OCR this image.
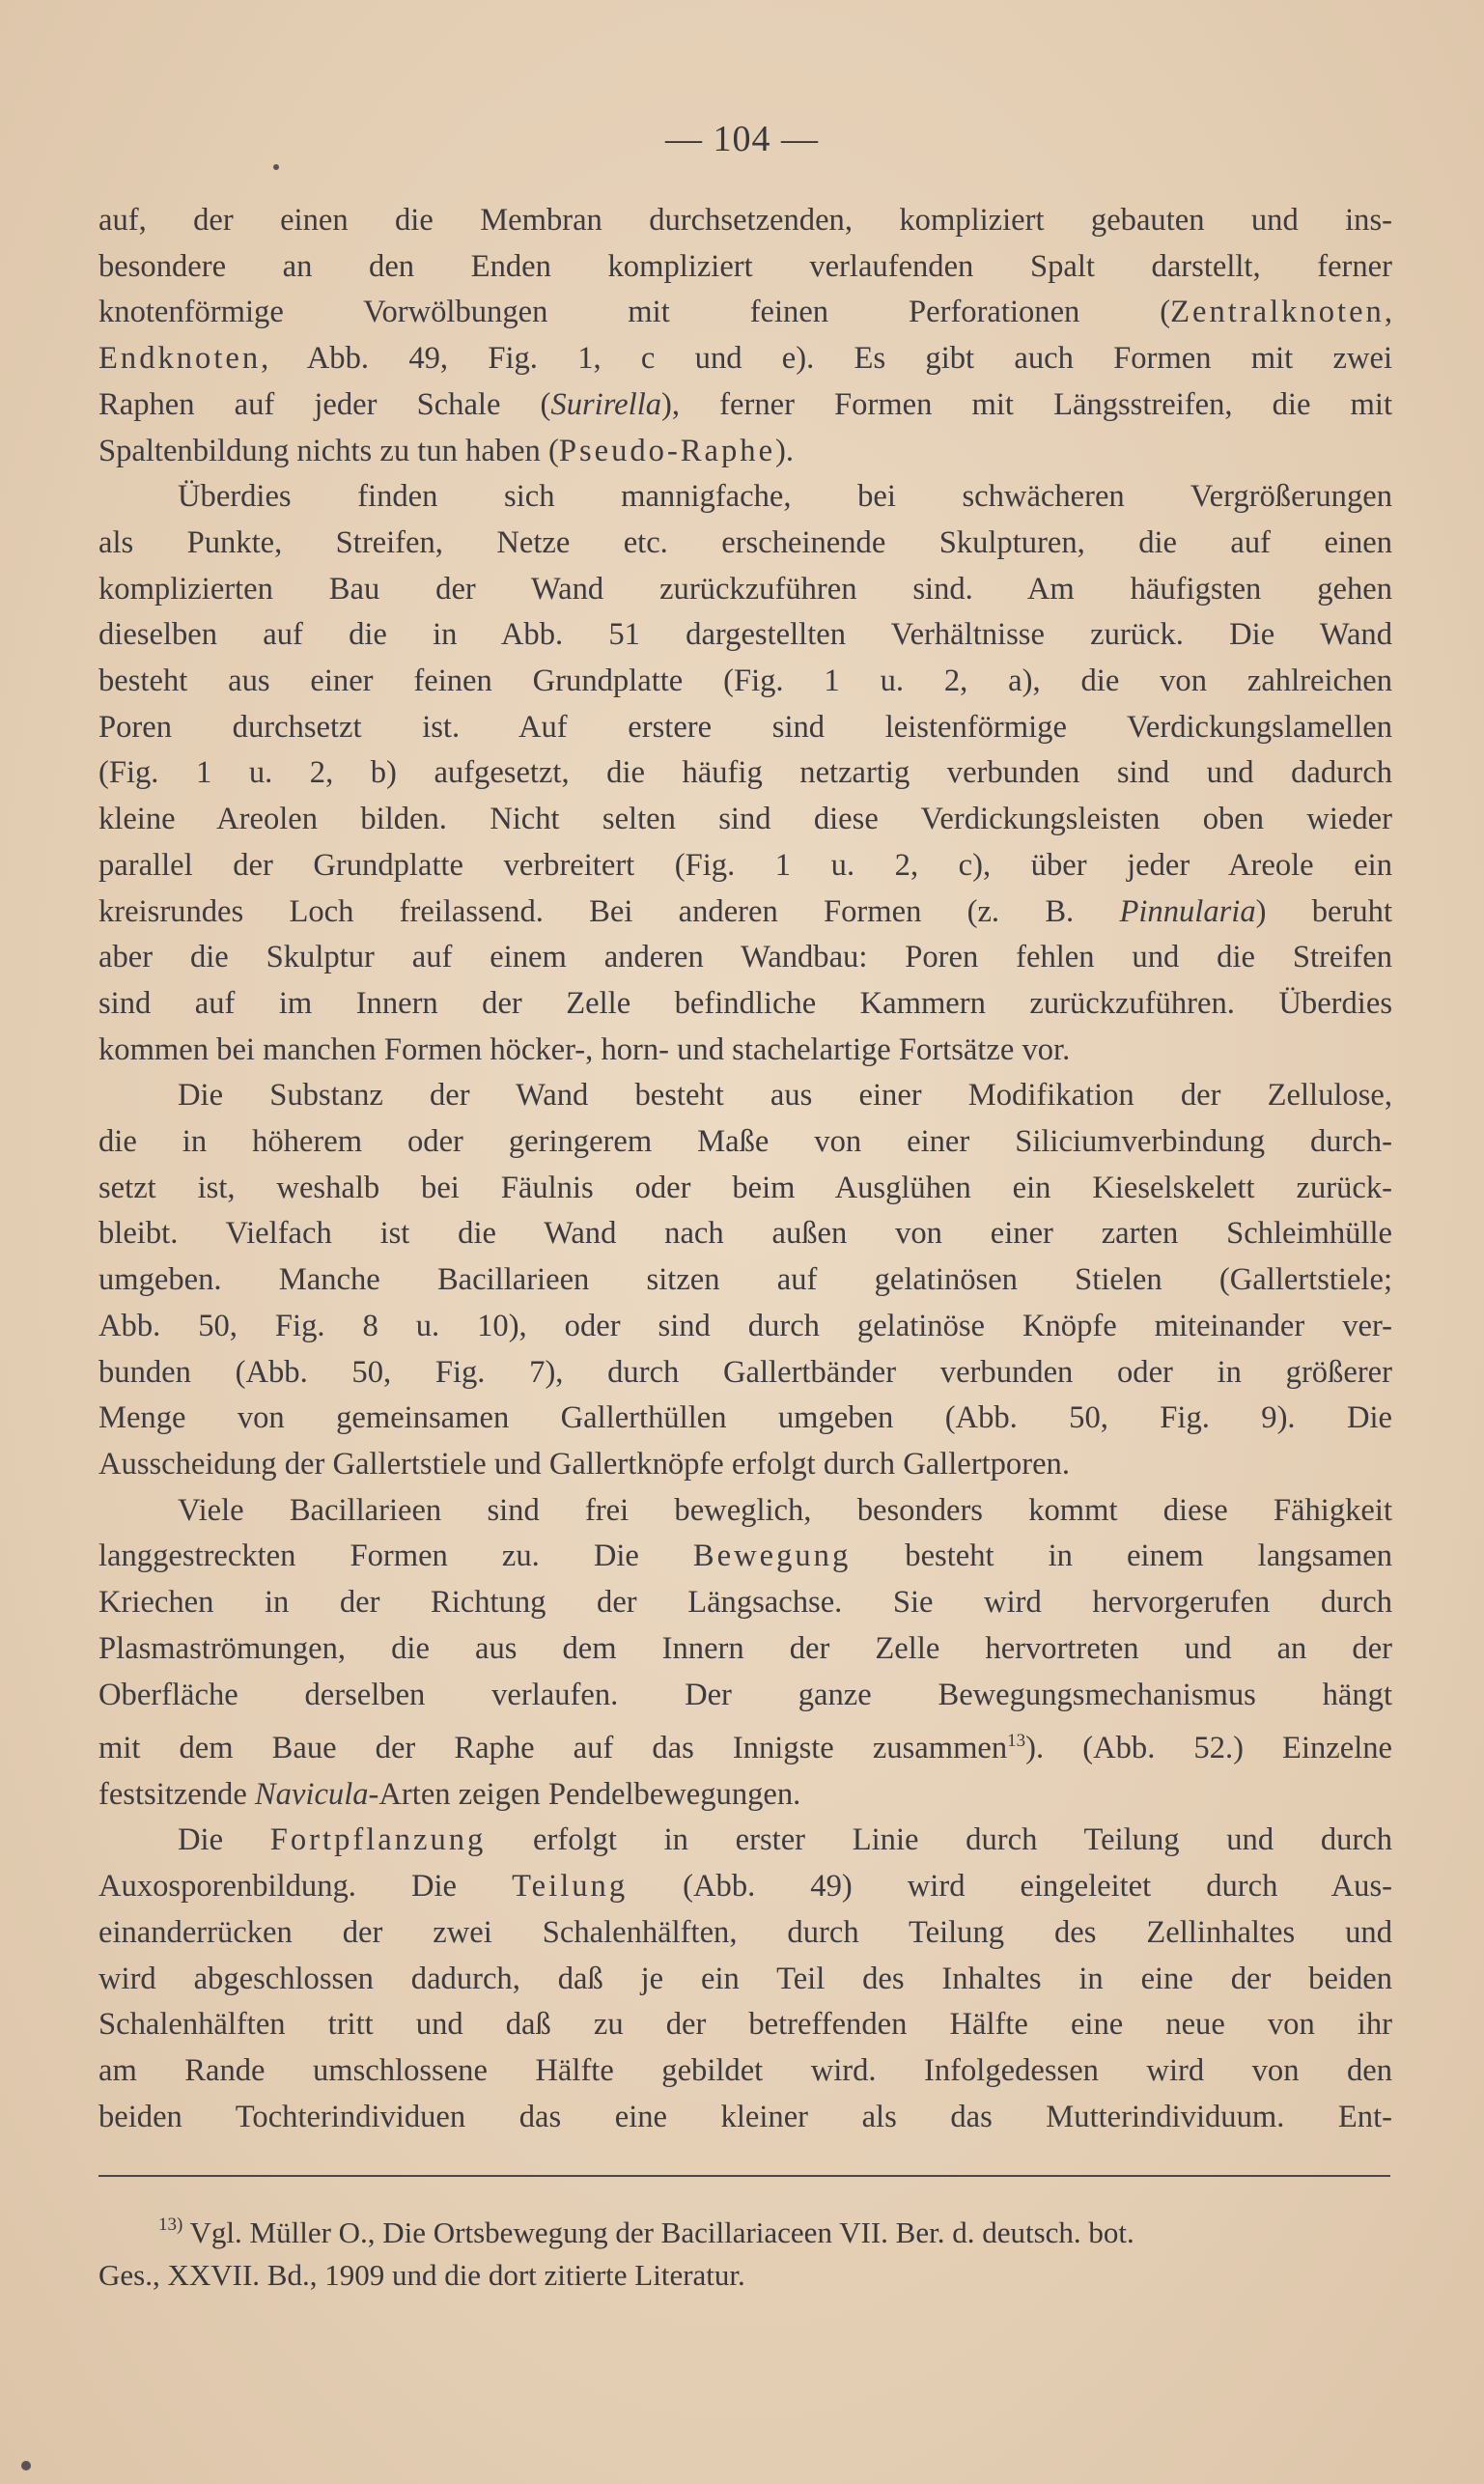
— 104 —
auf, der einen die Membran durchsetzenden, kompliziert gebauten und ins-
besondere an den Enden kompliziert verlaufenden Spalt darstellt, ferner
knotenförmige Vorwölbungen mit feinen Perforationen (Zentralknoten,
Endknoten, Abb. 49, Fig. 1, c und e). Es gibt auch Formen mit zwei
Raphen auf jeder Schale (Surirella), ferner Formen mit Längsstreifen, die mit
Spaltenbildung nichts zu tun haben (Pseudo-Raphe).
Überdies finden sich mannigfache, bei schwächeren Vergrößerungen
als Punkte, Streifen, Netze etc. erscheinende Skulpturen, die auf einen
komplizierten Bau der Wand zurückzuführen sind. Am häufigsten gehen
dieselben auf die in Abb. 51 dargestellten Verhältnisse zurück. Die Wand
besteht aus einer feinen Grundplatte (Fig. 1 u. 2, a), die von zahlreichen
Poren durchsetzt ist. Auf erstere sind leistenförmige Verdickungslamellen
(Fig. 1 u. 2, b) aufgesetzt, die häufig netzartig verbunden sind und dadurch
kleine Areolen bilden. Nicht selten sind diese Verdickungsleisten oben wieder
parallel der Grundplatte verbreitert (Fig. 1 u. 2, c), über jeder Areole ein
kreisrundes Loch freilassend. Bei anderen Formen (z. B. Pinnularia) beruht
aber die Skulptur auf einem anderen Wandbau: Poren fehlen und die Streifen
sind auf im Innern der Zelle befindliche Kammern zurückzuführen. Überdies
kommen bei manchen Formen höcker-, horn- und stachelartige Fortsätze vor.
Die Substanz der Wand besteht aus einer Modifikation der Zellulose,
die in höherem oder geringerem Maße von einer Siliciumverbindung durch-
setzt ist, weshalb bei Fäulnis oder beim Ausglühen ein Kieselskelett zurück-
bleibt. Vielfach ist die Wand nach außen von einer zarten Schleimhülle
umgeben. Manche Bacillarieen sitzen auf gelatinösen Stielen (Gallertstiele;
Abb. 50, Fig. 8 u. 10), oder sind durch gelatinöse Knöpfe miteinander ver-
bunden (Abb. 50, Fig. 7), durch Gallertbänder verbunden oder in größerer
Menge von gemeinsamen Gallerthüllen umgeben (Abb. 50, Fig. 9). Die
Ausscheidung der Gallertstiele und Gallertknöpfe erfolgt durch Gallertporen.
Viele Bacillarieen sind frei beweglich, besonders kommt diese Fähigkeit
langgestreckten Formen zu. Die Bewegung besteht in einem langsamen
Kriechen in der Richtung der Längsachse. Sie wird hervorgerufen durch
Plasmaströmungen, die aus dem Innern der Zelle hervortreten und an der
Oberfläche derselben verlaufen. Der ganze Bewegungsmechanismus hängt
mit dem Baue der Raphe auf das Innigste zusammen$^{13}$). (Abb. 52.) Einzelne
festsitzende Navicula-Arten zeigen Pendelbewegungen.
Die Fortpflanzung erfolgt in erster Linie durch Teilung und durch
Auxosporenbildung. Die Teilung (Abb. 49) wird eingeleitet durch Aus-
einanderrücken der zwei Schalenhälften, durch Teilung des Zellinhaltes und
wird abgeschlossen dadurch, daß je ein Teil des Inhaltes in eine der beiden
Schalenhälften tritt und daß zu der betreffenden Hälfte eine neue von ihr
am Rande umschlossene Hälfte gebildet wird. Infolgedessen wird von den
beiden Tochterindividuen das eine kleiner als das Mutterindividuum. Ent-
$^{13)}$ Vgl. Müller O., Die Ortsbewegung der Bacillariaceen VII. Ber. d. deutsch. bot.
Ges., XXVII. Bd., 1909 und die dort zitierte Literatur.
